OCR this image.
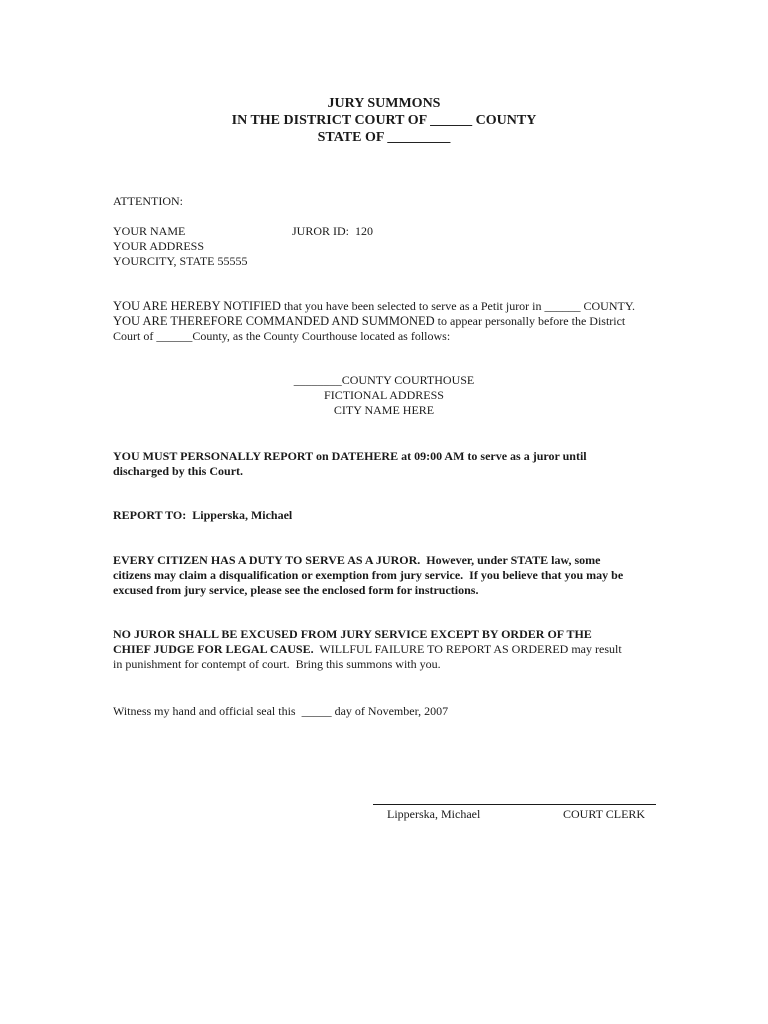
JURY SUMMONS
IN THE DISTRICT COURT OF ______ COUNTY
STATE OF _________
ATTENTION:
YOUR NAME	JUROR ID:  120
YOUR ADDRESS
YOURCITY, STATE 55555
YOU ARE HEREBY NOTIFIED that you have been selected to serve as a Petit juror in ______ COUNTY.
YOU ARE THEREFORE COMMANDED AND SUMMONED to appear personally before the District
Court of ______County, as the County Courthouse located as follows:
________COUNTY COURTHOUSE
FICTIONAL ADDRESS
CITY NAME HERE
YOU MUST PERSONALLY REPORT on DATEHERE at 09:00 AM to serve as a juror until
discharged by this Court.
REPORT TO:  Lipperska, Michael
EVERY CITIZEN HAS A DUTY TO SERVE AS A JUROR.  However, under STATE law, some
citizens may claim a disqualification or exemption from jury service.  If you believe that you may be
excused from jury service, please see the enclosed form for instructions.
NO JUROR SHALL BE EXCUSED FROM JURY SERVICE EXCEPT BY ORDER OF THE
CHIEF JUDGE FOR LEGAL CAUSE.  WILLFUL FAILURE TO REPORT AS ORDERED may result
in punishment for contempt of court.  Bring this summons with you.
Witness my hand and official seal this  _____ day of November, 2007
Lipperska, Michael	COURT CLERK
